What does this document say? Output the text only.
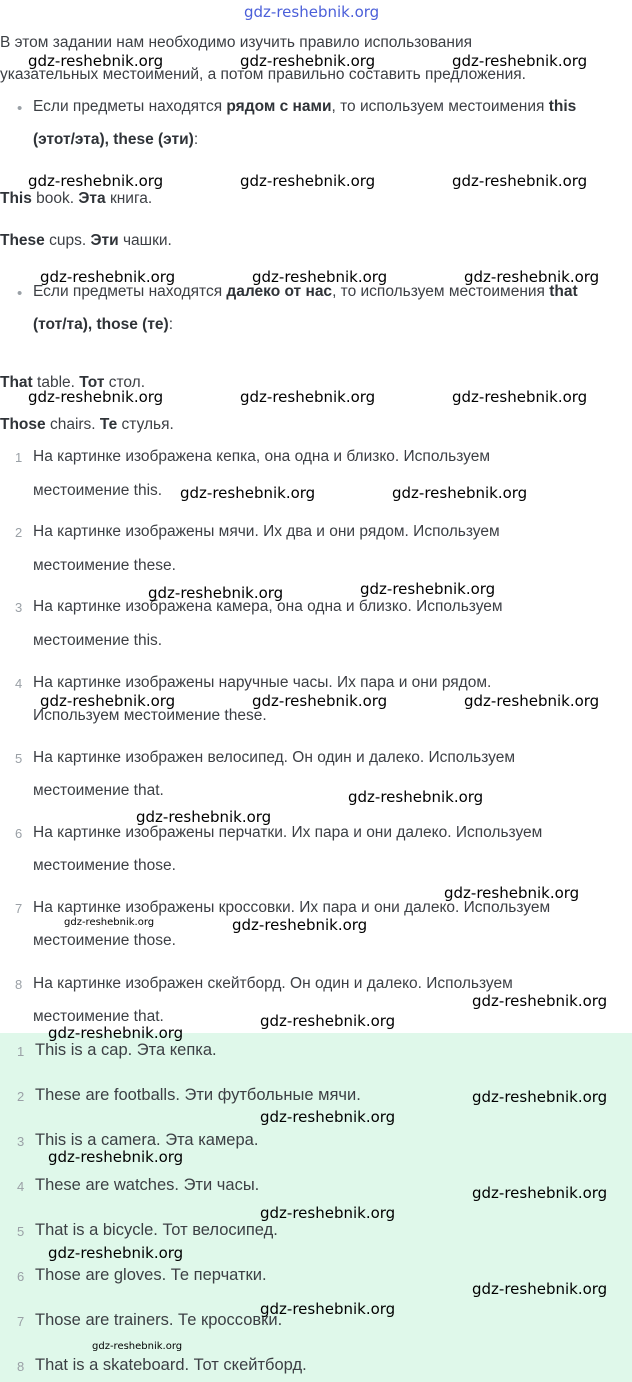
gdz-reshebnik.org
В этом задании нам необходимо изучить правило использования
указательных местоимений, а потом правильно составить предложения.
• Если предметы находятся рядом с нами, то используем местоимения this
(этот/эта), these (эти):
This book. Эта книга.
These cups. Эти чашки.
• Если предметы находятся далеко от нас, то используем местоимения that
(тот/та), those (те):
That table. Тот стол.
Those chairs. Те стулья.
1 На картинке изображена кепка, она одна и близко. Используем
местоимение this.
2 На картинке изображены мячи. Их два и они рядом. Используем
местоимение these.
3 На картинке изображена камера, она одна и близко. Используем
местоимение this.
4 На картинке изображены наручные часы. Их пара и они рядом.
Используем местоимение these.
5 На картинке изображен велосипед. Он один и далеко. Используем
местоимение that.
6 На картинке изображены перчатки. Их пара и они далеко. Используем
местоимение those.
7 На картинке изображены кроссовки. Их пара и они далеко. Используем
местоимение those.
8 На картинке изображен скейтборд. Он один и далеко. Используем
местоимение that.
1 This is a cap. Эта кепка.
2 These are footballs. Эти футбольные мячи.
3 This is a camera. Эта камера.
4 These are watches. Эти часы.
5 That is a bicycle. Тот велосипед.
6 Those are gloves. Те перчатки.
7 Those are trainers. Те кроссовки.
8 That is a skateboard. Тот скейтборд.
gdz-reshebnik.org	gdz-reshebnik.org	gdz-reshebnik.org
gdz-reshebnik.org	gdz-reshebnik.org	gdz-reshebnik.org
gdz-reshebnik.org	gdz-reshebnik.org	gdz-reshebnik.org
gdz-reshebnik.org	gdz-reshebnik.org	gdz-reshebnik.org
gdz-reshebnik.org	gdz-reshebnik.org
gdz-reshebnik.org	gdz-reshebnik.org
gdz-reshebnik.org	gdz-reshebnik.org	gdz-reshebnik.org
gdz-reshebnik.org
gdz-reshebnik.org
gdz-reshebnik.org
gdz-reshebnik.org	gdz-reshebnik.org
gdz-reshebnik.org
gdz-reshebnik.org
gdz-reshebnik.org
gdz-reshebnik.org
gdz-reshebnik.org
gdz-reshebnik.org
gdz-reshebnik.org
gdz-reshebnik.org
gdz-reshebnik.org
gdz-reshebnik.org
gdz-reshebnik.org
gdz-reshebnik.org
